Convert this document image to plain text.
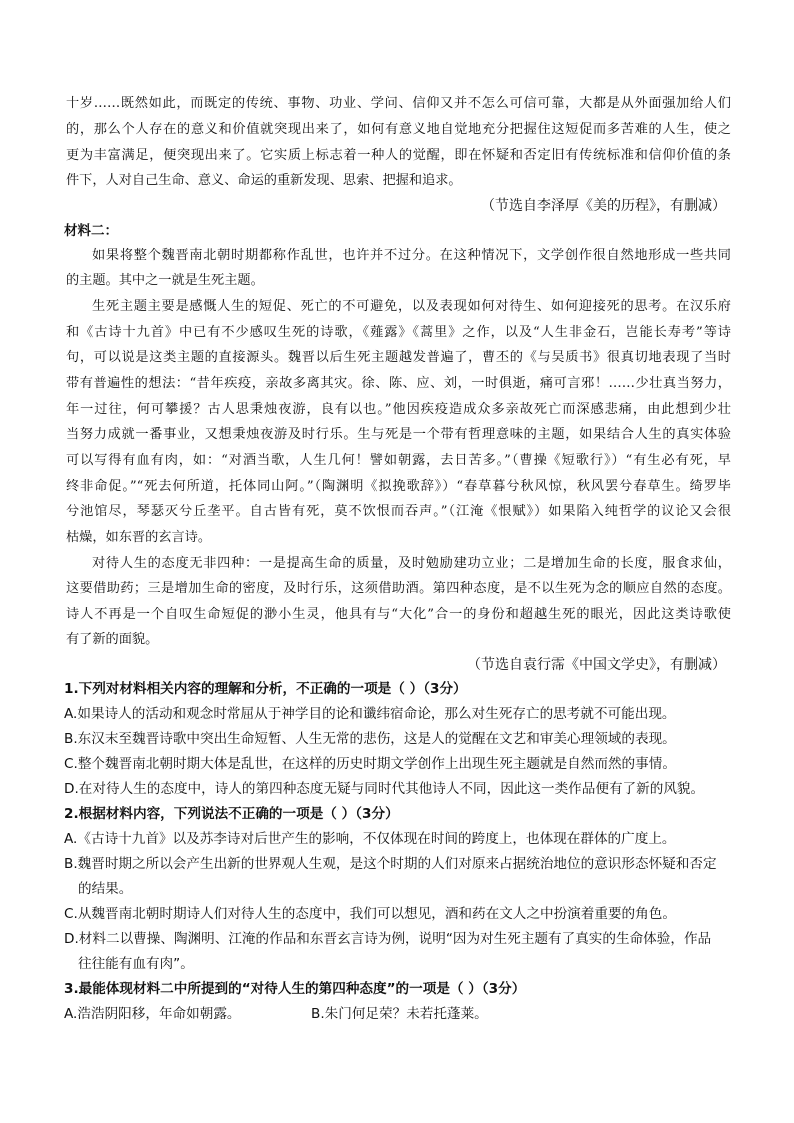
十岁……既然如此，而既定的传统、事物、功业、学问、信仰又并不怎么可信可靠，大都是从外面强加给人们
的，那么个人存在的意义和价值就突现出来了，如何有意义地自觉地充分把握住这短促而多苦难的人生，使之
更为丰富满足，便突现出来了。它实质上标志着一种人的觉醒，即在怀疑和否定旧有传统标准和信仰价值的条
件下，人对自己生命、意义、命运的重新发现、思索、把握和追求。
（节选自李泽厚《美的历程》，有删减）
材料二：
如果将整个魏晋南北朝时期都称作乱世，也许并不过分。在这种情况下，文学创作很自然地形成一些共同
的主题。其中之一就是生死主题。
生死主题主要是感慨人生的短促、死亡的不可避免，以及表现如何对待生、如何迎接死的思考。在汉乐府
和《古诗十九首》中已有不少感叹生死的诗歌，《薤露》《蒿里》之作，以及“人生非金石，岂能长寿考”等诗
句，可以说是这类主题的直接源头。魏晋以后生死主题越发普遍了，曹丕的《与吴质书》很真切地表现了当时
带有普遍性的想法：“昔年疾疫，亲故多离其灾。徐、陈、应、刘，一时俱逝，痛可言邪！……少壮真当努力，
年一过往，何可攀援？古人思秉烛夜游，良有以也。”他因疾疫造成众多亲故死亡而深感悲痛，由此想到少壮
当努力成就一番事业，又想秉烛夜游及时行乐。生与死是一个带有哲理意味的主题，如果结合人生的真实体验
可以写得有血有肉，如：“对酒当歌，人生几何！譬如朝露，去日苦多。”（曹操《短歌行》）“有生必有死，早
终非命促。”“死去何所道，托体同山阿。”（陶渊明《拟挽歌辞》）“春草暮兮秋风惊，秋风罢兮春草生。绮罗毕
兮池馆尽，琴瑟灭兮丘垄平。自古皆有死，莫不饮恨而吞声。”（江淹《恨赋》）如果陷入纯哲学的议论又会很
枯燥，如东晋的玄言诗。
对待人生的态度无非四种：一是提高生命的质量，及时勉励建功立业；二是增加生命的长度，服食求仙，
这要借助药；三是增加生命的密度，及时行乐，这须借助酒。第四种态度，是不以生死为念的顺应自然的态度。
诗人不再是一个自叹生命短促的渺小生灵，他具有与“大化”合一的身份和超越生死的眼光，因此这类诗歌使
有了新的面貌。
（节选自袁行霈《中国文学史》，有删减）
1.下列对材料相关内容的理解和分析，不正确的一项是（ ）（3分）
A.如果诗人的活动和观念时常屈从于神学目的论和谶纬宿命论，那么对生死存亡的思考就不可能出现。
B.东汉末至魏晋诗歌中突出生命短暂、人生无常的悲伤，这是人的觉醒在文艺和审美心理领域的表现。
C.整个魏晋南北朝时期大体是乱世，在这样的历史时期文学创作上出现生死主题就是自然而然的事情。
D.在对待人生的态度中，诗人的第四种态度无疑与同时代其他诗人不同，因此这一类作品便有了新的风貌。
2.根据材料内容，下列说法不正确的一项是（ ）（3分）
A.《古诗十九首》以及苏李诗对后世产生的影响，不仅体现在时间的跨度上，也体现在群体的广度上。
B.魏晋时期之所以会产生出新的世界观人生观，是这个时期的人们对原来占据统治地位的意识形态怀疑和否定
的结果。
C.从魏晋南北朝时期诗人们对待人生的态度中，我们可以想见，酒和药在文人之中扮演着重要的角色。
D.材料二以曹操、陶渊明、江淹的作品和东晋玄言诗为例，说明“因为对生死主题有了真实的生命体验，作品
往往能有血有肉”。
3.最能体现材料二中所提到的“对待人生的第四种态度”的一项是（ ）（3分）
A.浩浩阴阳移，年命如朝露。	B.朱门何足荣？未若托蓬莱。
